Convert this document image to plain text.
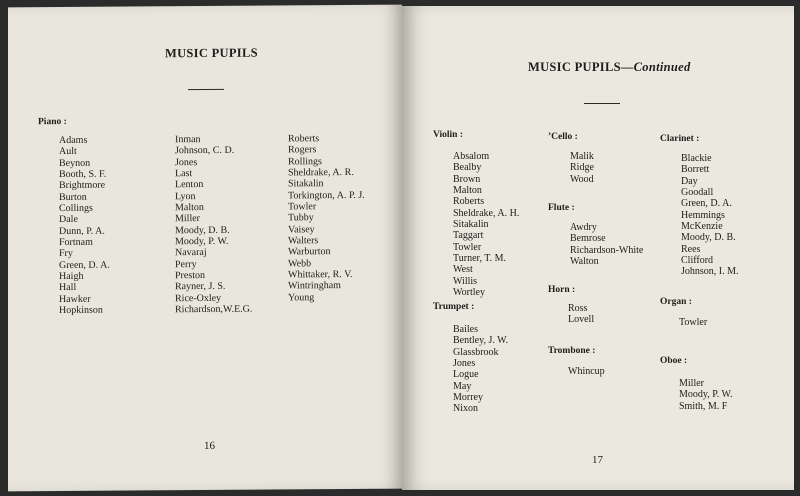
MUSIC PUPILS
Piano :
Adams
Ault
Beynon
Booth, S. F.
Brightmore
Burton
Collings
Dale
Dunn, P. A.
Fortnam
Fry
Green, D. A.
Haigh
Hall
Hawker
Hopkinson
Inman
Johnson, C. D.
Jones
Last
Lenton
Lyon
Malton
Miller
Moody, D. B.
Moody, P. W.
Navaraj
Perry
Preston
Rayner, J. S.
Rice-Oxley
Richardson,W.E.G.
Roberts
Rogers
Rollings
Sheldrake, A. R.
Sitakalin
Torkington, A. P. J.
Towler
Tubby
Vaisey
Walters
Warburton
Webb
Whittaker, R. V.
Wintringham
Young
16
MUSIC PUPILS—Continued
Violin :
Absalom
Bealby
Brown
Malton
Roberts
Sheldrake, A. H.
Sitakalin
Taggart
Towler
Turner, T. M.
West
Willis
Wortley
Trumpet :
Bailes
Bentley, J. W.
Glassbrook
Jones
Logue
May
Morrey
Nixon
’Cello :
Malik
Ridge
Wood
Flute :
Awdry
Bemrose
Richardson-White
Walton
Horn :
Ross
Lovell
Trombone :
Whincup
Clarinet :
Blackie
Borrett
Day
Goodall
Green, D. A.
Hemmings
McKenzie
Moody, D. B.
Rees
Clifford
Johnson, I. M.
Organ :
Towler
Oboe :
Miller
Moody, P. W.
Smith, M. F
17
